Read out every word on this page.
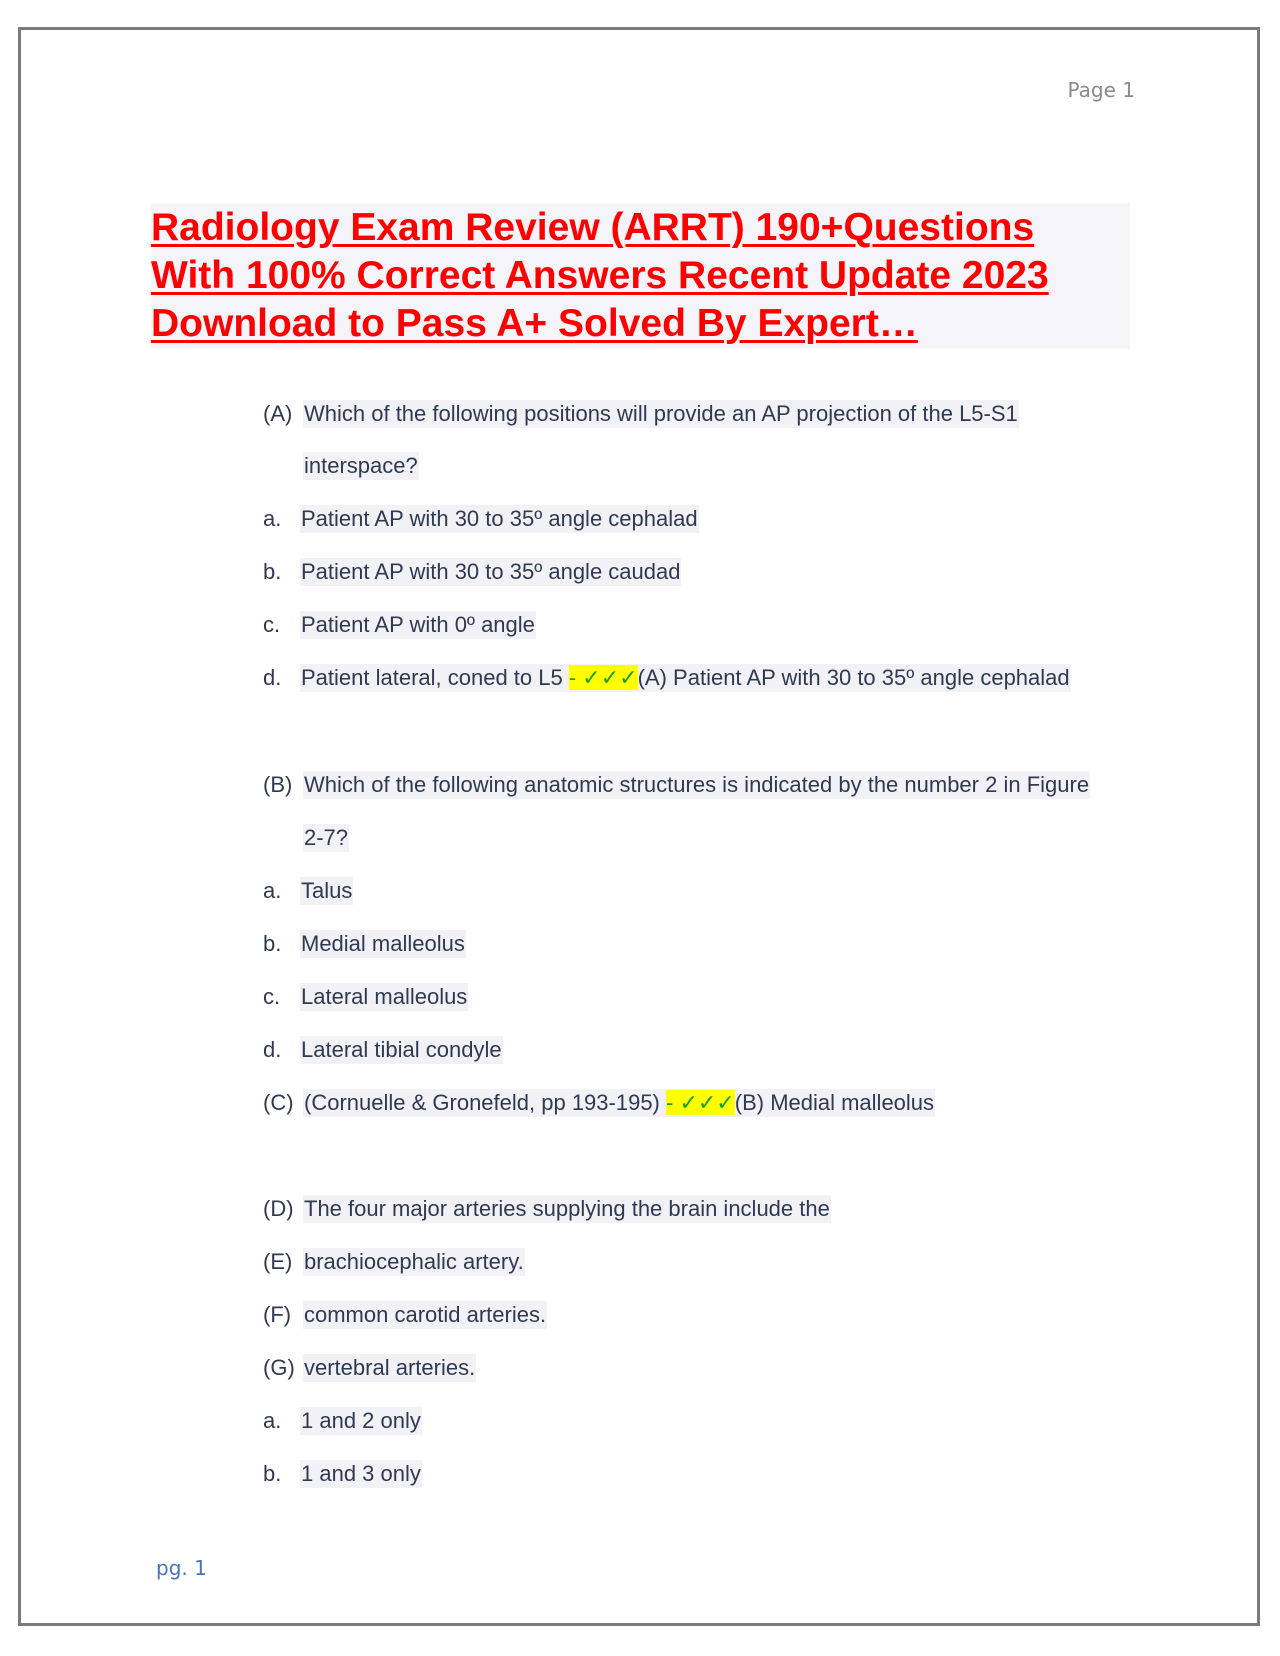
Page 1
Radiology Exam Review (ARRT) 190+Questions
With 100% Correct Answers Recent Update 2023
Download to Pass A+ Solved By Expert…
(A) Which of the following positions will provide an AP projection of the L5-S1
interspace?
a. Patient AP with 30 to 35º angle cephalad
b. Patient AP with 30 to 35º angle caudad
c. Patient AP with 0º angle
d. Patient lateral, coned to L5 - ✓✓✓(A) Patient AP with 30 to 35º angle cephalad
(B) Which of the following anatomic structures is indicated by the number 2 in Figure
2-7?
a. Talus
b. Medial malleolus
c. Lateral malleolus
d. Lateral tibial condyle
(C) (Cornuelle & Gronefeld, pp 193-195) - ✓✓✓(B) Medial malleolus
(D) The four major arteries supplying the brain include the
(E) brachiocephalic artery.
(F) common carotid arteries.
(G) vertebral arteries.
a. 1 and 2 only
b. 1 and 3 only
pg. 1
